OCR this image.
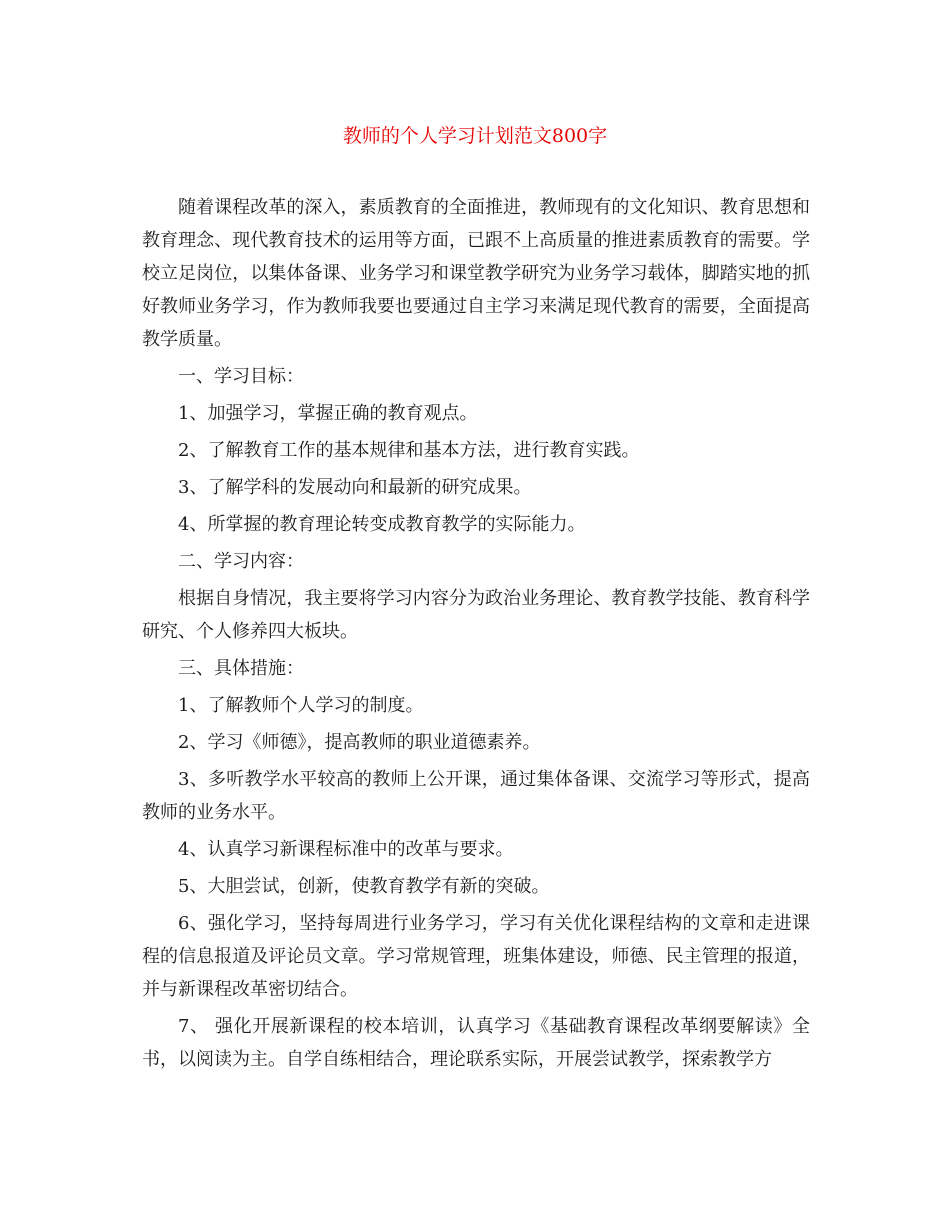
教师的个人学习计划范文800字

随着课程改革的深入，素质教育的全面推进，教师现有的文化知识、教育思想和教育理念、现代教育技术的运用等方面，已跟不上高质量的推进素质教育的需要。学校立足岗位，以集体备课、业务学习和课堂教学研究为业务学习载体，脚踏实地的抓好教师业务学习，作为教师我要也要通过自主学习来满足现代教育的需要，全面提高教学质量。

一、学习目标：

1、加强学习，掌握正确的教育观点。

2、了解教育工作的基本规律和基本方法，进行教育实践。

3、了解学科的发展动向和最新的研究成果。

4、所掌握的教育理论转变成教育教学的实际能力。

二、学习内容：

根据自身情况，我主要将学习内容分为政治业务理论、教育教学技能、教育科学研究、个人修养四大板块。

三、具体措施：

1、了解教师个人学习的制度。

2、学习《师德》，提高教师的职业道德素养。

3、多听教学水平较高的教师上公开课，通过集体备课、交流学习等形式，提高教师的业务水平。

4、认真学习新课程标准中的改革与要求。

5、大胆尝试，创新，使教育教学有新的突破。

6、强化学习，坚持每周进行业务学习，学习有关优化课程结构的文章和走进课程的信息报道及评论员文章。学习常规管理，班集体建设，师德、民主管理的报道，并与新课程改革密切结合。

7、 强化开展新课程的校本培训，认真学习《基础教育课程改革纲要解读》全书，以阅读为主。自学自练相结合，理论联系实际，开展尝试教学，探索教学方
